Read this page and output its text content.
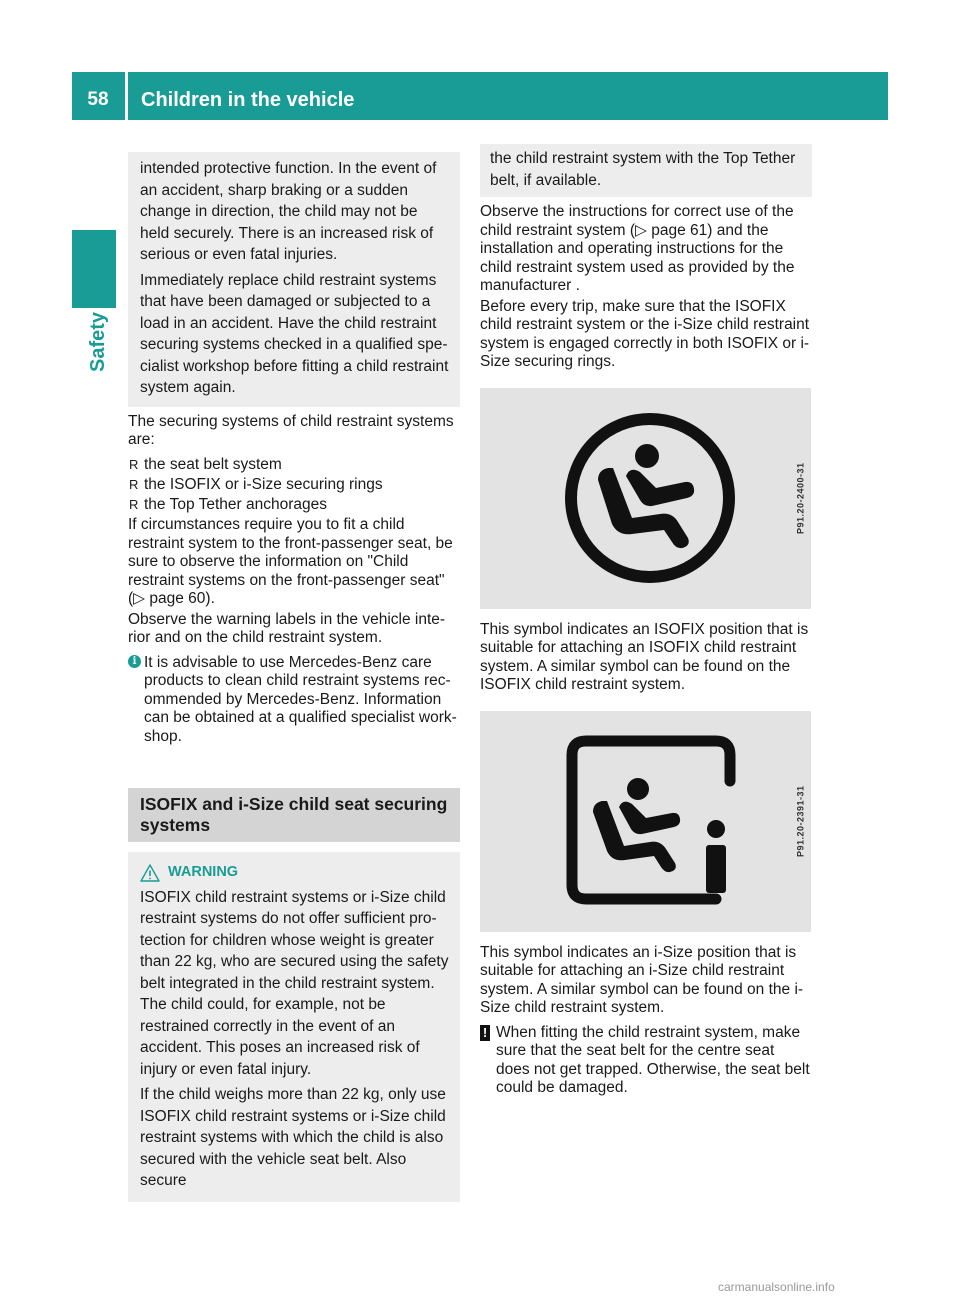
58	Children in the vehicle
Safety

intended protective function. In the event of an accident, sharp braking or a sudden change in direction, the child may not be held securely. There is an increased risk of serious or even fatal injuries.

Immediately replace child restraint systems that have been damaged or subjected to a load in an accident. Have the child restraint securing systems checked in a qualified spe-cialist workshop before fitting a child restraint system again.

The securing systems of child restraint systems are:

R the seat belt system
R the ISOFIX or i-Size securing rings
R the Top Tether anchorages

If circumstances require you to fit a child restraint system to the front-passenger seat, be sure to observe the information on "Child restraint systems on the front-passenger seat" (▷ page 60).

Observe the warning labels in the vehicle inte-rior and on the child restraint system.

i It is advisable to use Mercedes-Benz care products to clean child restraint systems rec-ommended by Mercedes-Benz. Information can be obtained at a qualified specialist work-shop.
ISOFIX and i-Size child seat securing systems
WARNING

ISOFIX child restraint systems or i-Size child restraint systems do not offer sufficient pro-tection for children whose weight is greater than 22 kg, who are secured using the safety belt integrated in the child restraint system. The child could, for example, not be restrained correctly in the event of an accident. This poses an increased risk of injury or even fatal injury.

If the child weighs more than 22 kg, only use ISOFIX child restraint systems or i-Size child restraint systems with which the child is also secured with the vehicle seat belt. Also secure

the child restraint system with the Top Tether belt, if available.

Observe the instructions for correct use of the child restraint system (▷ page 61) and the installation and operating instructions for the child restraint system used as provided by the manufacturer .

Before every trip, make sure that the ISOFIX child restraint system or the i-Size child restraint system is engaged correctly in both ISOFIX or i-Size securing rings.

P91.20-2400-31

This symbol indicates an ISOFIX position that is suitable for attaching an ISOFIX child restraint system. A similar symbol can be found on the ISOFIX child restraint system.

P91.20-2391-31

This symbol indicates an i-Size position that is suitable for attaching an i-Size child restraint system. A similar symbol can be found on the i-Size child restraint system.

! When fitting the child restraint system, make sure that the seat belt for the centre seat does not get trapped. Otherwise, the seat belt could be damaged.
carmanualsonline.info
